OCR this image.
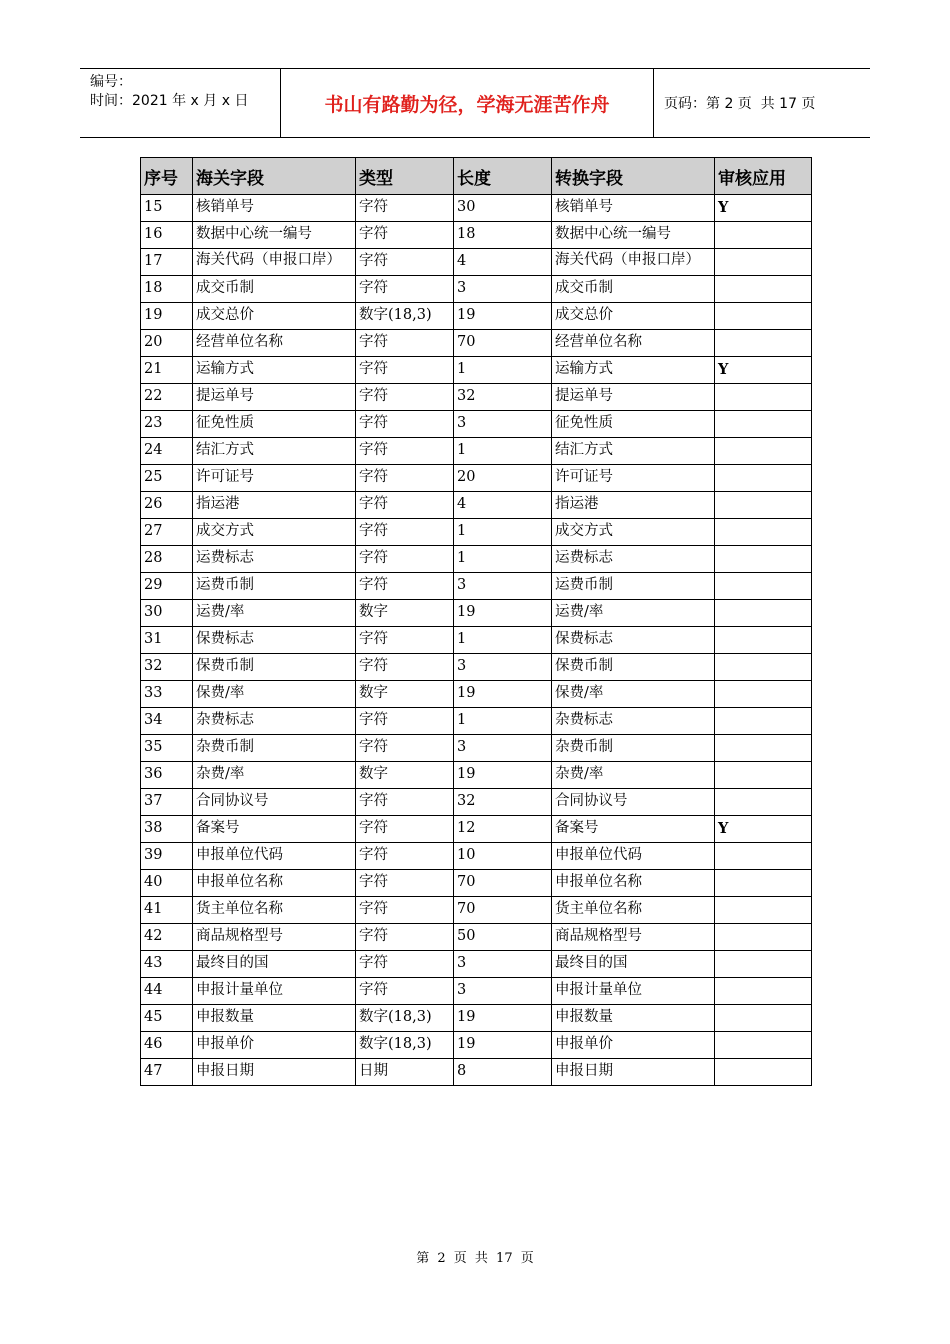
编号：
时间：2021 年 x 月 x 日	书山有路勤为径，学海无涯苦作舟	页码：第 2 页  共 17 页
序号	海关字段	类型	长度	转换字段	审核应用
15	核销单号	字符	30	核销单号	Y
16	数据中心统一编号	字符	18	数据中心统一编号	
17	海关代码（申报口岸）	字符	4	海关代码（申报口岸）	
18	成交币制	字符	3	成交币制	
19	成交总价	数字(18,3)	19	成交总价	
20	经营单位名称	字符	70	经营单位名称	
21	运输方式	字符	1	运输方式	Y
22	提运单号	字符	32	提运单号	
23	征免性质	字符	3	征免性质	
24	结汇方式	字符	1	结汇方式	
25	许可证号	字符	20	许可证号	
26	指运港	字符	4	指运港	
27	成交方式	字符	1	成交方式	
28	运费标志	字符	1	运费标志	
29	运费币制	字符	3	运费币制	
30	运费/率	数字	19	运费/率	
31	保费标志	字符	1	保费标志	
32	保费币制	字符	3	保费币制	
33	保费/率	数字	19	保费/率	
34	杂费标志	字符	1	杂费标志	
35	杂费币制	字符	3	杂费币制	
36	杂费/率	数字	19	杂费/率	
37	合同协议号	字符	32	合同协议号	
38	备案号	字符	12	备案号	Y
39	申报单位代码	字符	10	申报单位代码	
40	申报单位名称	字符	70	申报单位名称	
41	货主单位名称	字符	70	货主单位名称	
42	商品规格型号	字符	50	商品规格型号	
43	最终目的国	字符	3	最终目的国	
44	申报计量单位	字符	3	申报计量单位	
45	申报数量	数字(18,3)	19	申报数量	
46	申报单价	数字(18,3)	19	申报单价	
47	申报日期	日期	8	申报日期	
第 2 页 共 17 页
